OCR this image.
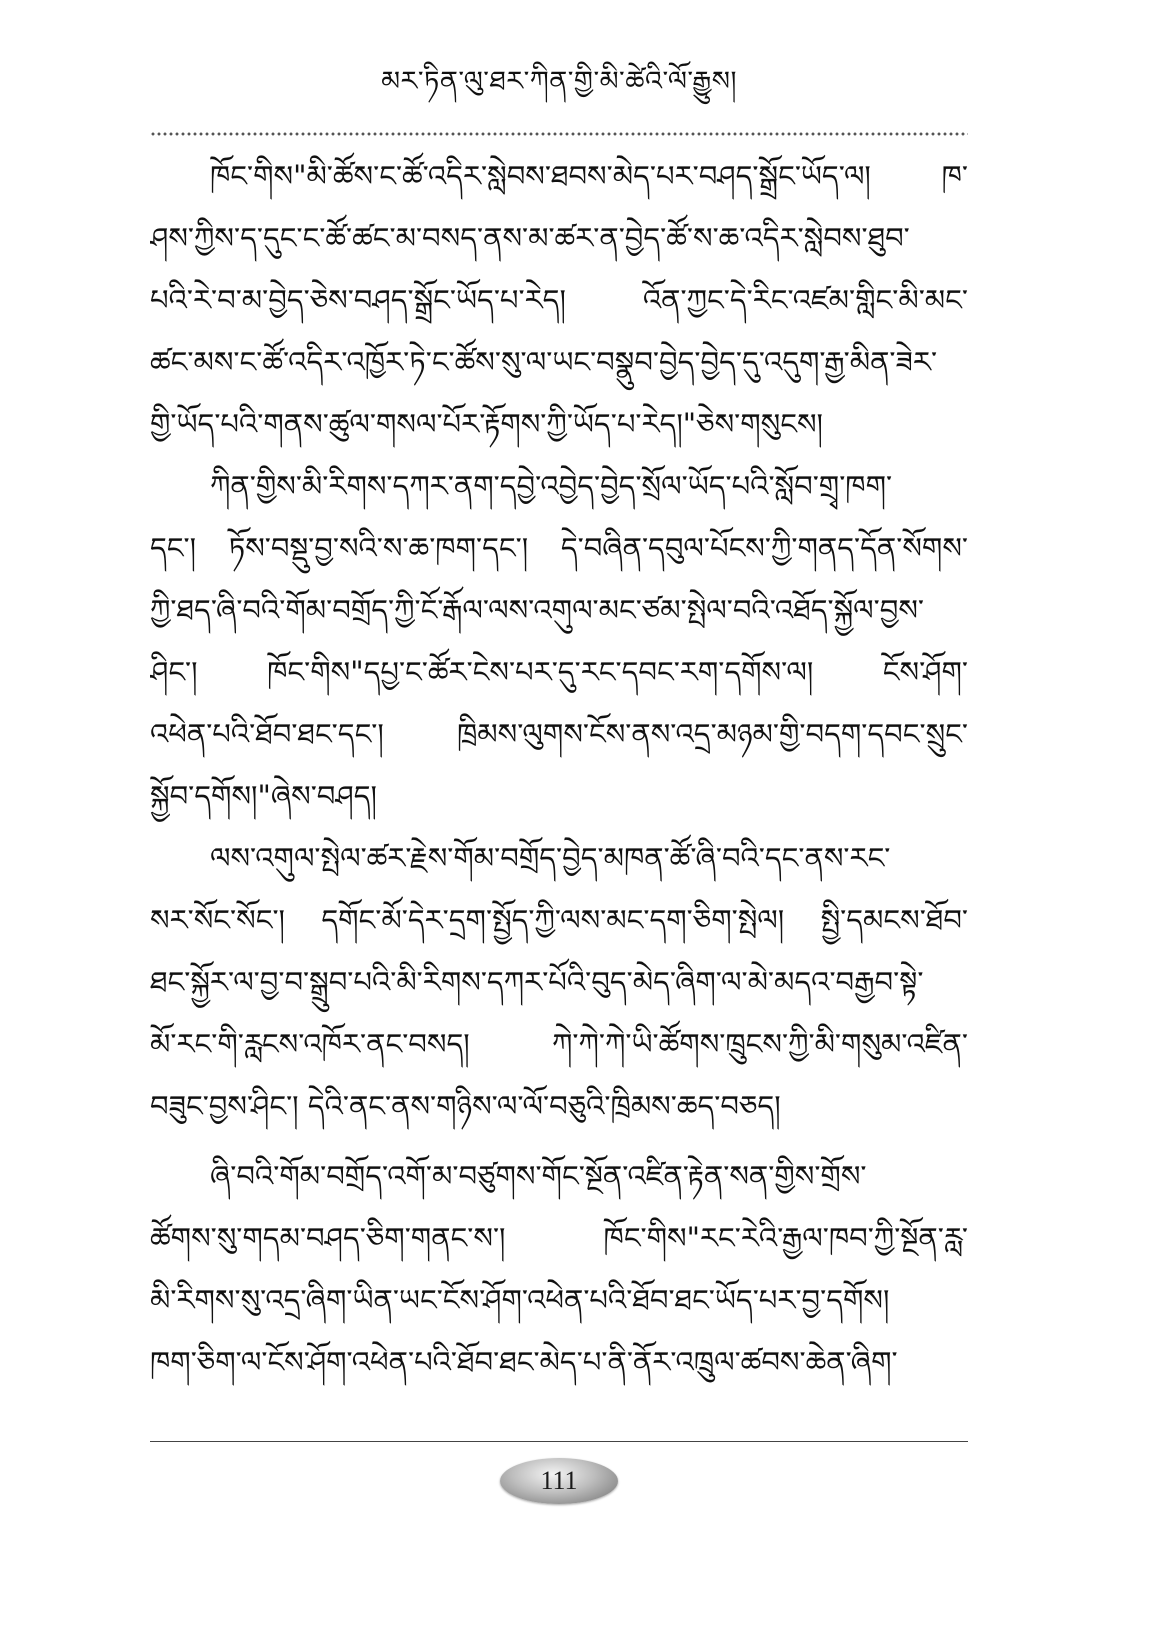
མར་ཏིན་ལུ་ཐར་ཀིན་གྱི་མི་ཚེའི་ལོ་རྒྱུས།
ཁོང་གིས"མི་ཚོས་ང་ཚོ་འདིར་སླེབས་ཐབས་མེད་པར་བཤད་སྒྲོང་ཡོད་ལ། ཁ་
ཤས་ཀྱིས་ད་དུང་ང་ཚོ་ཚང་མ་བསད་ནས་མ་ཚར་ན་བྱེད་ཚོ་ས་ཆ་འདིར་སླེབས་ཐུབ་
པའི་རེ་བ་མ་བྱེད་ཅེས་བཤད་སྒྲོང་ཡོད་པ་རེད། འོན་ཀྱང་དེ་རིང་འཛམ་གླིང་མི་མང་
ཚང་མས་ང་ཚོ་འདིར་འཁྱོར་ཏེ་ང་ཚོས་སུ་ལ་ཡང་བསྣུབ་བྱེད་བྱེད་དུ་འདུག་རྒྱ་མིན་ཟེར་
གྱི་ཡོད་པའི་གནས་ཚུལ་གསལ་པོར་རྟོགས་ཀྱི་ཡོད་པ་རེད།"ཅེས་གསུངས།
ཀིན་གྱིས་མི་རིགས་དཀར་ནག་དབྱེ་འབྱེད་བྱེད་སྲོལ་ཡོད་པའི་སློབ་གྲྭ་ཁག་
དང་། ཏོས་བསྡུ་བྱ་སའི་ས་ཆ་ཁག་དང་། དེ་བཞིན་དབུལ་པོངས་ཀྱི་གནད་དོན་སོགས་
ཀྱི་ཐད་ཞི་བའི་གོམ་བགྲོད་ཀྱི་ངོ་རྒོལ་ལས་འགུལ་མང་ཙམ་སྤེལ་བའི་འཐོད་སྐྱོལ་བྱས་
ཤིང་། ཁོང་གིས"དཔྱ་ང་ཚོར་ངེས་པར་དུ་རང་དབང་རག་དགོས་ལ། ངོས་ཤོག་
འཕེན་པའི་ཐོབ་ཐང་དང་། ཁྲིམས་ལུགས་ངོས་ནས་འདྲ་མཉམ་གྱི་བདག་དབང་སྲུང་
སྐྱོབ་དགོས།"ཞེས་བཤད།
ལས་འགུལ་སྤེལ་ཚར་རྗེས་གོམ་བགྲོད་བྱེད་མཁན་ཚོ་ཞི་བའི་དང་ནས་རང་
སར་སོང་སོང་། དགོང་མོ་དེར་དྲག་སྤྱོད་ཀྱི་ལས་མང་དག་ཅིག་སྤེལ། སྤྱི་དམངས་ཐོབ་
ཐང་སྐྱོར་ལ་བྱ་བ་སྒྲུབ་པའི་མི་རིགས་དཀར་པོའི་བུད་མེད་ཞིག་ལ་མེ་མདའ་བརྒྱབ་སྟེ་
མོ་རང་གི་རླངས་འཁོར་ནང་བསད། ཀེ་ཀེ་ཀེ་ཡི་ཚོགས་ཁྲུངས་ཀྱི་མི་གསུམ་འཛིན་
བཟུང་བྱས་ཤིང་། དེའི་ནང་ནས་གཉིས་ལ་ལོ་བཅུའི་ཁྲིམས་ཆད་བཅད།
ཞི་བའི་གོམ་བགྲོད་འགོ་མ་བཙུགས་གོང་སྔོན་འཛིན་རྟེན་སན་གྱིས་གྲོས་
ཚོགས་སུ་གདམ་བཤད་ཅིག་གནང་ས་། ཁོང་གིས"རང་རེའི་རྒྱལ་ཁབ་ཀྱི་སྔོན་རླ་
མི་རིགས་སུ་འདྲ་ཞིག་ཡིན་ཡང་ངོས་ཤོག་འཕེན་པའི་ཐོབ་ཐང་ཡོད་པར་བྱ་དགོས།
ཁག་ཅིག་ལ་ངོས་ཤོག་འཕེན་པའི་ཐོབ་ཐང་མེད་པ་ནི་ནོར་འཁྲུལ་ཚབས་ཆེན་ཞིག་
111
